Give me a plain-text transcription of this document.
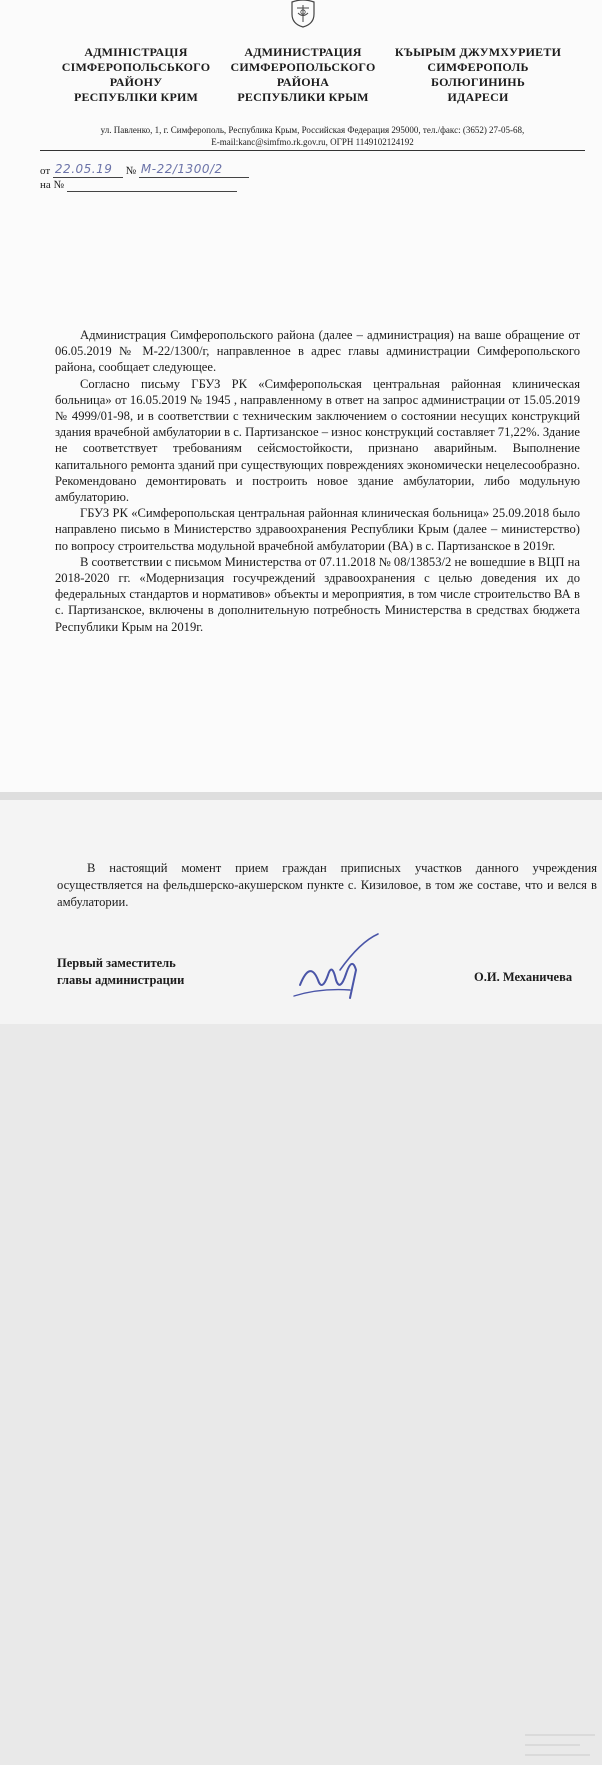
АДМІНІСТРАЦІЯ
СІМФЕРОПОЛЬСЬКОГО
РАЙОНУ
РЕСПУБЛІКИ КРИМ
АДМИНИСТРАЦИЯ
СИМФЕРОПОЛЬСКОГО
РАЙОНА
РЕСПУБЛИКИ КРЫМ
КЪЫРЫМ ДЖУМХУРИЕТИ
СИМФЕРОПОЛЬ
БОЛЮГИНИНЬ
ИДАРЕСИ
ул. Павленко, 1, г. Симферополь, Республика Крым, Российская Федерация 295000, тел./факс: (3652) 27-05-68,
E-mail:kanc@simfmo.rk.gov.ru, ОГРН 1149102124192
от 22.05.19 № М-22/1300/2
на №

Администрация Симферопольского района (далее – администрация) на ваше обращение от 06.05.2019 № М-22/1300/г, направленное в адрес главы администрации Симферопольского района, сообщает следующее.

Согласно письму ГБУЗ РК «Симферопольская центральная районная клиническая больница» от 16.05.2019 № 1945 , направленному в ответ на запрос администрации от 15.05.2019 № 4999/01-98, и в соответствии с техническим заключением о состоянии несущих конструкций здания врачебной амбулатории в с. Партизанское – износ конструкций составляет 71,22%. Здание не соответствует требованиям сейсмостойкости, признано аварийным. Выполнение капитального ремонта зданий при существующих повреждениях экономически нецелесообразно. Рекомендовано демонтировать и построить новое здание амбулатории, либо модульную амбулаторию.

ГБУЗ РК «Симферопольская центральная районная клиническая больница» 25.09.2018 было направлено письмо в Министерство здравоохранения Республики Крым (далее – министерство) по вопросу строительства модульной врачебной амбулатории (ВА) в с. Партизанское в 2019г.

В соответствии с письмом Министерства от 07.11.2018 № 08/13853/2 не вошедшие в ВЦП на 2018-2020 гг. «Модернизация госучреждений здравоохранения с целью доведения их до федеральных стандартов и нормативов» объекты и мероприятия, в том числе строительство ВА в с. Партизанское, включены в дополнительную потребность Министерства в средствах бюджета Республики Крым на 2019г.

В настоящий момент прием граждан приписных участков данного учреждения осуществляется на фельдшерско-акушерском пункте с. Кизиловое, в том же составе, что и велся в амбулатории.

Первый заместитель
главы администрации	О.И. Механичева
